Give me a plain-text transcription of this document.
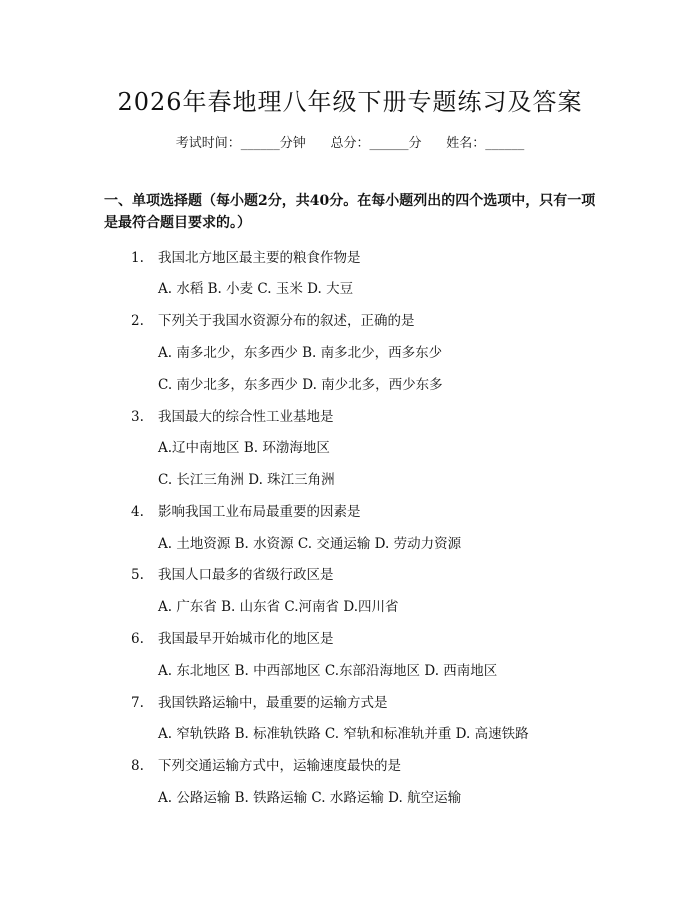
2026年春地理八年级下册专题练习及答案
考试时间：______分钟      总分：______分      姓名：______
一、单项选择题（每小题2分，共40分。在每小题列出的四个选项中，只有一项是最符合题目要求的。）
1. 我国北方地区最主要的粮食作物是
A. 水稻 B. 小麦 C. 玉米 D. 大豆
2. 下列关于我国水资源分布的叙述，正确的是
A. 南多北少，东多西少 B. 南多北少，西多东少
C. 南少北多，东多西少 D. 南少北多，西少东多
3. 我国最大的综合性工业基地是
A.辽中南地区 B. 环渤海地区
C. 长江三角洲 D. 珠江三角洲
4. 影响我国工业布局最重要的因素是
A. 土地资源 B. 水资源 C. 交通运输 D. 劳动力资源
5. 我国人口最多的省级行政区是
A. 广东省 B. 山东省 C.河南省 D.四川省
6. 我国最早开始城市化的地区是
A. 东北地区 B. 中西部地区 C.东部沿海地区 D. 西南地区
7. 我国铁路运输中，最重要的运输方式是
A. 窄轨铁路 B. 标准轨铁路 C. 窄轨和标准轨并重 D. 高速铁路
8. 下列交通运输方式中，运输速度最快的是
A. 公路运输 B. 铁路运输 C. 水路运输 D. 航空运输
